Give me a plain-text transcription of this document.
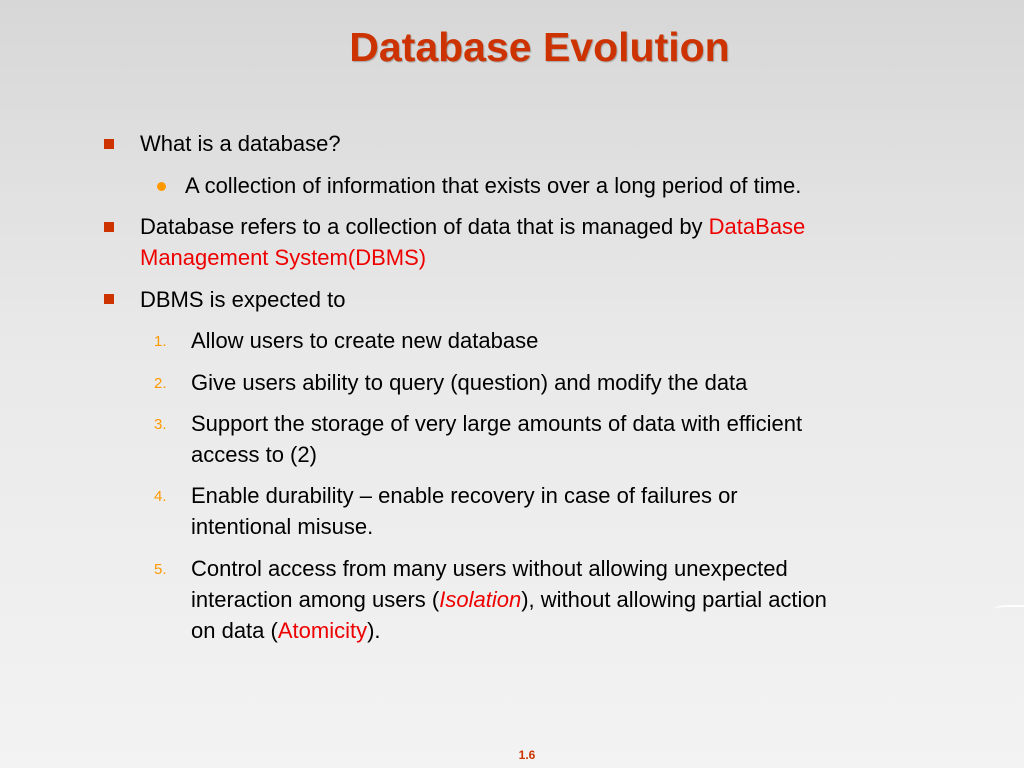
Database Evolution
What is a database?
A collection of information that exists over a long period of time.
Database refers to a collection of data that is managed by DataBase
Management System(DBMS)
DBMS is expected to
1. Allow users to create new database
2. Give users ability to query (question) and modify the data
3. Support the storage of very large amounts of data with efficient
access to (2)
4. Enable durability – enable recovery in case of failures or
intentional misuse.
5. Control access from many users without allowing unexpected
interaction among users (Isolation), without allowing partial action
on data (Atomicity).
1.6
